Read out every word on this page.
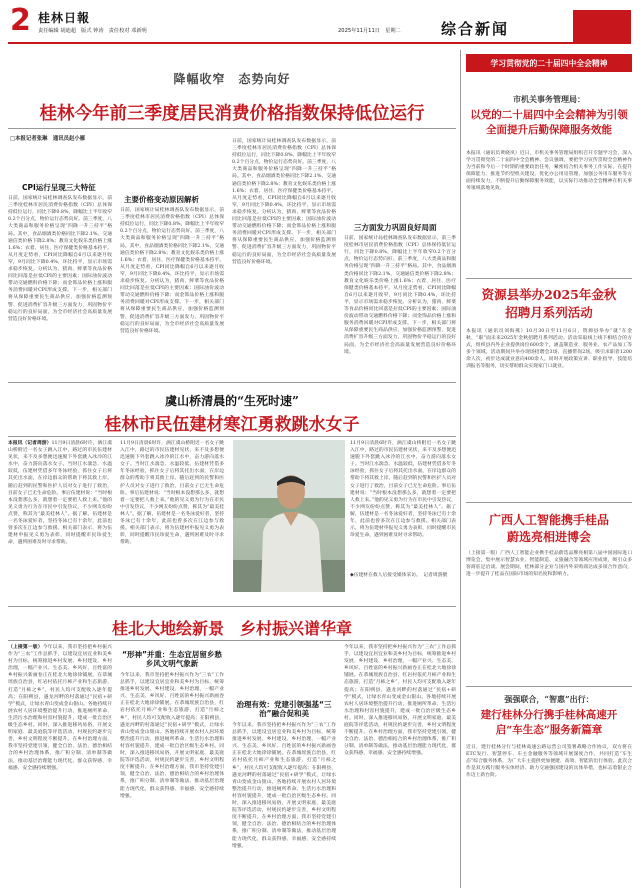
2 桂林日報
责任编辑 胡迪超　版式 钟涛　责任校对 邓新明	2025年11月11日　星期二	综合新闻
降幅收窄　态势向好
桂林今年前三季度居民消费价格指数保持低位运行
□本报记者张琳　通讯员赵小雁
CPI运行呈现三大特征
日前，国家统计局桂林调查队发布数据显示，前三季度桂林市居民消费价格指数（CPI）总体保持低位运行，同比下降0.8%，降幅比上半年收窄0.2个百分点，物价运行态势向好。前三季度，八大类商品和服务价格呈现“四降一升三持平”格局。其中，食品烟酒类价格同比下降2.1%，交通通信类价格下降2.8%；教育文化娱乐类价格上涨1.6%；衣着、居住、医疗保健类价格基本持平。从月度走势看，CPI同比降幅自6月以来逐月收窄，9月同比下降0.4%，环比持平，显示市场需求稳步恢复。分析认为，猪肉、鲜菜等食品价格同比回落是拉低CPI的主要因素；国际油价波动带动交通燃料价格下降；而金饰品价格上涨和服务消费回暖对CPI形成支撑。下一步，相关部门将从保障重要民生商品供应、加强价格监测预警、促进消费扩容升级三方面发力，巩固物价平稳运行的良好局面，为全市经济社会高质量发展营造良好价格环境。
主要价格变动原因解析
日前，国家统计局桂林调查队发布数据显示，前三季度桂林市居民消费价格指数（CPI）总体保持低位运行，同比下降0.8%，降幅比上半年收窄0.2个百分点，物价运行态势向好。前三季度，八大类商品和服务价格呈现“四降一升三持平”格局。其中，食品烟酒类价格同比下降2.1%，交通通信类价格下降2.8%；教育文化娱乐类价格上涨1.6%；衣着、居住、医疗保健类价格基本持平。从月度走势看，CPI同比降幅自6月以来逐月收窄，9月同比下降0.4%，环比持平，显示市场需求稳步恢复。分析认为，猪肉、鲜菜等食品价格同比回落是拉低CPI的主要因素；国际油价波动带动交通燃料价格下降；而金饰品价格上涨和服务消费回暖对CPI形成支撑。下一步，相关部门将从保障重要民生商品供应、加强价格监测预警、促进消费扩容升级三方面发力，巩固物价平稳运行的良好局面，为全市经济社会高质量发展营造良好价格环境。
日前，国家统计局桂林调查队发布数据显示，前三季度桂林市居民消费价格指数（CPI）总体保持低位运行，同比下降0.8%，降幅比上半年收窄0.2个百分点，物价运行态势向好。前三季度，八大类商品和服务价格呈现“四降一升三持平”格局。其中，食品烟酒类价格同比下降2.1%，交通通信类价格下降2.8%；教育文化娱乐类价格上涨1.6%；衣着、居住、医疗保健类价格基本持平。从月度走势看，CPI同比降幅自6月以来逐月收窄，9月同比下降0.4%，环比持平，显示市场需求稳步恢复。分析认为，猪肉、鲜菜等食品价格同比回落是拉低CPI的主要因素；国际油价波动带动交通燃料价格下降；而金饰品价格上涨和服务消费回暖对CPI形成支撑。下一步，相关部门将从保障重要民生商品供应、加强价格监测预警、促进消费扩容升级三方面发力，巩固物价平稳运行的良好局面，为全市经济社会高质量发展营造良好价格环境。
三方面发力巩固良好局面
日前，国家统计局桂林调查队发布数据显示，前三季度桂林市居民消费价格指数（CPI）总体保持低位运行，同比下降0.8%，降幅比上半年收窄0.2个百分点，物价运行态势向好。前三季度，八大类商品和服务价格呈现“四降一升三持平”格局。其中，食品烟酒类价格同比下降2.1%，交通通信类价格下降2.8%；教育文化娱乐类价格上涨1.6%；衣着、居住、医疗保健类价格基本持平。从月度走势看，CPI同比降幅自6月以来逐月收窄，9月同比下降0.4%，环比持平，显示市场需求稳步恢复。分析认为，猪肉、鲜菜等食品价格同比回落是拉低CPI的主要因素；国际油价波动带动交通燃料价格下降；而金饰品价格上涨和服务消费回暖对CPI形成支撑。下一步，相关部门将从保障重要民生商品供应、加强价格监测预警、促进消费扩容升级三方面发力，巩固物价平稳运行的良好局面，为全市经济社会高质量发展营造良好价格环境。
虞山桥清晨的“生死时速”
桂林市民伍建材寒江勇救跳水女子
本报讯（记者周游）11月9日清晨6时许，漓江虞山桥附近一名女子跳入江中，路过的市民伍建材见状，来不及多想便迅速脱下外套跳入冰冷的江水中，奋力游向落水女子。当时江水湍急、水温较低，伍建材凭借多年冬泳经验，抓住女子后将其托出水面，在岸边群众的帮助下将其救上岸。随后赶到的民警和医护人员对女子进行了救治，目前女子已无生命危险。事后伍建材说：“当时根本没想那么多，就想着一定要把人救上来。”他的见义勇为行为在市民中引发热议，不少网友纷纷点赞，称其为“最美桂林人”。据了解，伍建材是一名冬泳爱好者，坚持冬泳已有十余年，此前也曾多次在江边参与救援。相关部门表示，将为伍建材申报见义勇为表彰，同时提醒市民珍爱生命，遇到困难及时寻求帮助。
11月9日清晨6时许，漓江虞山桥附近一名女子跳入江中，路过的市民伍建材见状，来不及多想便迅速脱下外套跳入冰冷的江水中，奋力游向落水女子。当时江水湍急、水温较低，伍建材凭借多年冬泳经验，抓住女子后将其托出水面，在岸边群众的帮助下将其救上岸。随后赶到的民警和医护人员对女子进行了救治，目前女子已无生命危险。事后伍建材说：“当时根本没想那么多，就想着一定要把人救上来。”他的见义勇为行为在市民中引发热议，不少网友纷纷点赞，称其为“最美桂林人”。据了解，伍建材是一名冬泳爱好者，坚持冬泳已有十余年，此前也曾多次在江边参与救援。相关部门表示，将为伍建材申报见义勇为表彰，同时提醒市民珍爱生命，遇到困难及时寻求帮助。
◆伍建材在救人后接受媒体采访。　记者周游摄
11月9日清晨6时许，漓江虞山桥附近一名女子跳入江中，路过的市民伍建材见状，来不及多想便迅速脱下外套跳入冰冷的江水中，奋力游向落水女子。当时江水湍急、水温较低，伍建材凭借多年冬泳经验，抓住女子后将其托出水面，在岸边群众的帮助下将其救上岸。随后赶到的民警和医护人员对女子进行了救治，目前女子已无生命危险。事后伍建材说：“当时根本没想那么多，就想着一定要把人救上来。”他的见义勇为行为在市民中引发热议，不少网友纷纷点赞，称其为“最美桂林人”。据了解，伍建材是一名冬泳爱好者，坚持冬泳已有十余年，此前也曾多次在江边参与救援。相关部门表示，将为伍建材申报见义勇为表彰，同时提醒市民珍爱生命，遇到困难及时寻求帮助。
桂北大地绘新景　乡村振兴谱华章
（上接第一版）今年以来，我市坚持把乡村振兴作为“三农”工作总抓手，以建设宜居宜业和美乡村为目标，统筹推进乡村发展、乡村建设、乡村治理，一幅产业兴、生态美、乡风好、百姓富的乡村振兴新画卷正在桂北大地徐徐铺展。在恭城瑶族自治县，红岩村依托月柿产业和生态旅游，打造“月柿之乡”，村民人均可支配收入逐年提高；在阳朔县，遇龙河畔的村落通过“民宿+研学”模式，让绿水青山变成金山银山。各地持续开展农村人居环境整治提升行动，推进厕所革命、生活污水治理和村容村貌提升，建成一批自治区级生态乡村。同时，深入推进移风易俗，开展文明家庭、最美庭院等评选活动，村规民约逐步完善，乡村文明程度不断提升。在乡村治理方面，我市坚持党建引领，健全自治、法治、德治相结合的乡村治理体系，推广积分制、清单制等做法，推动基层治理能力现代化，群众获得感、幸福感、安全感持续增强。
“形神”并重：生态宜居留乡愁　乡风文明气象新
今年以来，我市坚持把乡村振兴作为“三农”工作总抓手，以建设宜居宜业和美乡村为目标，统筹推进乡村发展、乡村建设、乡村治理，一幅产业兴、生态美、乡风好、百姓富的乡村振兴新画卷正在桂北大地徐徐铺展。在恭城瑶族自治县，红岩村依托月柿产业和生态旅游，打造“月柿之乡”，村民人均可支配收入逐年提高；在阳朔县，遇龙河畔的村落通过“民宿+研学”模式，让绿水青山变成金山银山。各地持续开展农村人居环境整治提升行动，推进厕所革命、生活污水治理和村容村貌提升，建成一批自治区级生态乡村。同时，深入推进移风易俗，开展文明家庭、最美庭院等评选活动，村规民约逐步完善，乡村文明程度不断提升。在乡村治理方面，我市坚持党建引领，健全自治、法治、德治相结合的乡村治理体系，推广积分制、清单制等做法，推动基层治理能力现代化，群众获得感、幸福感、安全感持续增强。
治理有效：党建引领强基“三治”融合促和美
今年以来，我市坚持把乡村振兴作为“三农”工作总抓手，以建设宜居宜业和美乡村为目标，统筹推进乡村发展、乡村建设、乡村治理，一幅产业兴、生态美、乡风好、百姓富的乡村振兴新画卷正在桂北大地徐徐铺展。在恭城瑶族自治县，红岩村依托月柿产业和生态旅游，打造“月柿之乡”，村民人均可支配收入逐年提高；在阳朔县，遇龙河畔的村落通过“民宿+研学”模式，让绿水青山变成金山银山。各地持续开展农村人居环境整治提升行动，推进厕所革命、生活污水治理和村容村貌提升，建成一批自治区级生态乡村。同时，深入推进移风易俗，开展文明家庭、最美庭院等评选活动，村规民约逐步完善，乡村文明程度不断提升。在乡村治理方面，我市坚持党建引领，健全自治、法治、德治相结合的乡村治理体系，推广积分制、清单制等做法，推动基层治理能力现代化，群众获得感、幸福感、安全感持续增强。
今年以来，我市坚持把乡村振兴作为“三农”工作总抓手，以建设宜居宜业和美乡村为目标，统筹推进乡村发展、乡村建设、乡村治理，一幅产业兴、生态美、乡风好、百姓富的乡村振兴新画卷正在桂北大地徐徐铺展。在恭城瑶族自治县，红岩村依托月柿产业和生态旅游，打造“月柿之乡”，村民人均可支配收入逐年提高；在阳朔县，遇龙河畔的村落通过“民宿+研学”模式，让绿水青山变成金山银山。各地持续开展农村人居环境整治提升行动，推进厕所革命、生活污水治理和村容村貌提升，建成一批自治区级生态乡村。同时，深入推进移风易俗，开展文明家庭、最美庭院等评选活动，村规民约逐步完善，乡村文明程度不断提升。在乡村治理方面，我市坚持党建引领，健全自治、法治、德治相结合的乡村治理体系，推广积分制、清单制等做法，推动基层治理能力现代化，群众获得感、幸福感、安全感持续增强。
学习贯彻党的二十届四中全会精神
市机关事务管理局：
以党的二十届四中全会精神为引领全面提升后勤保障服务效能
本报讯（通讯员黄晓岚）近日，市机关事务管理局组织召开专题学习会，深入学习贯彻党的二十届四中全会精神。会议强调，要把学习宣传贯彻全会精神作为当前和今后一个时期的重要政治任务，紧密结合机关事务工作实际，在提升保障能力、推进节约型机关建设、优化办公用房管理、加强公务用车服务等方面持续发力，不断提升后勤保障服务效能，以实际行动推动全会精神在机关事务领域落地见效。
资源县举办2025年金秋招聘月系列活动
本报讯（通讯员刘海燕）10月30日至11月6日，资源县举办“就”在金秋、“职”面未来2025年金秋招聘月系列活动。活动采取线上线下相结合的方式，组织县内外企业提供岗位600余个，涵盖制造业、服务业、农产品加工等多个领域。活动期间共举办现场招聘会3场、直播带岗2场，吸引求职者1200余人次，初步达成就业意向400余人。同时开展政策宣讲、职业指导、技能培训报名等服务，切实帮助群众实现家门口就业。
广西人工智能携手桂品蔚选亮相进博会
（上接第一版）广西人工智能企业携手桂品蔚选品牌亮相第八届中国国际进口博览会，集中展示智慧农业、智能制造、文旅融合等领域应用成果，吸引众多客商驻足洽谈。展会期间，桂林部分企业与国内外采购商达成多项合作意向，进一步提升了桂品在国际市场的知名度和影响力。
强强联合，“智惠”出行：
建行桂林分行携手桂林高速开启“车生态”服务新篇章
近日，建行桂林分行与桂林高速公路运营公司签署战略合作协议，双方将在ETC发行、智慧停车、车主金融服务等领域开展深度合作，共同打造“车生态”综合服务体系，为广大车主提供更加便捷、高效、智能的出行体验。此次合作是双方践行服务实体经济、助力交通强国建设的具体举措，也标志着银企合作迈上新台阶。
